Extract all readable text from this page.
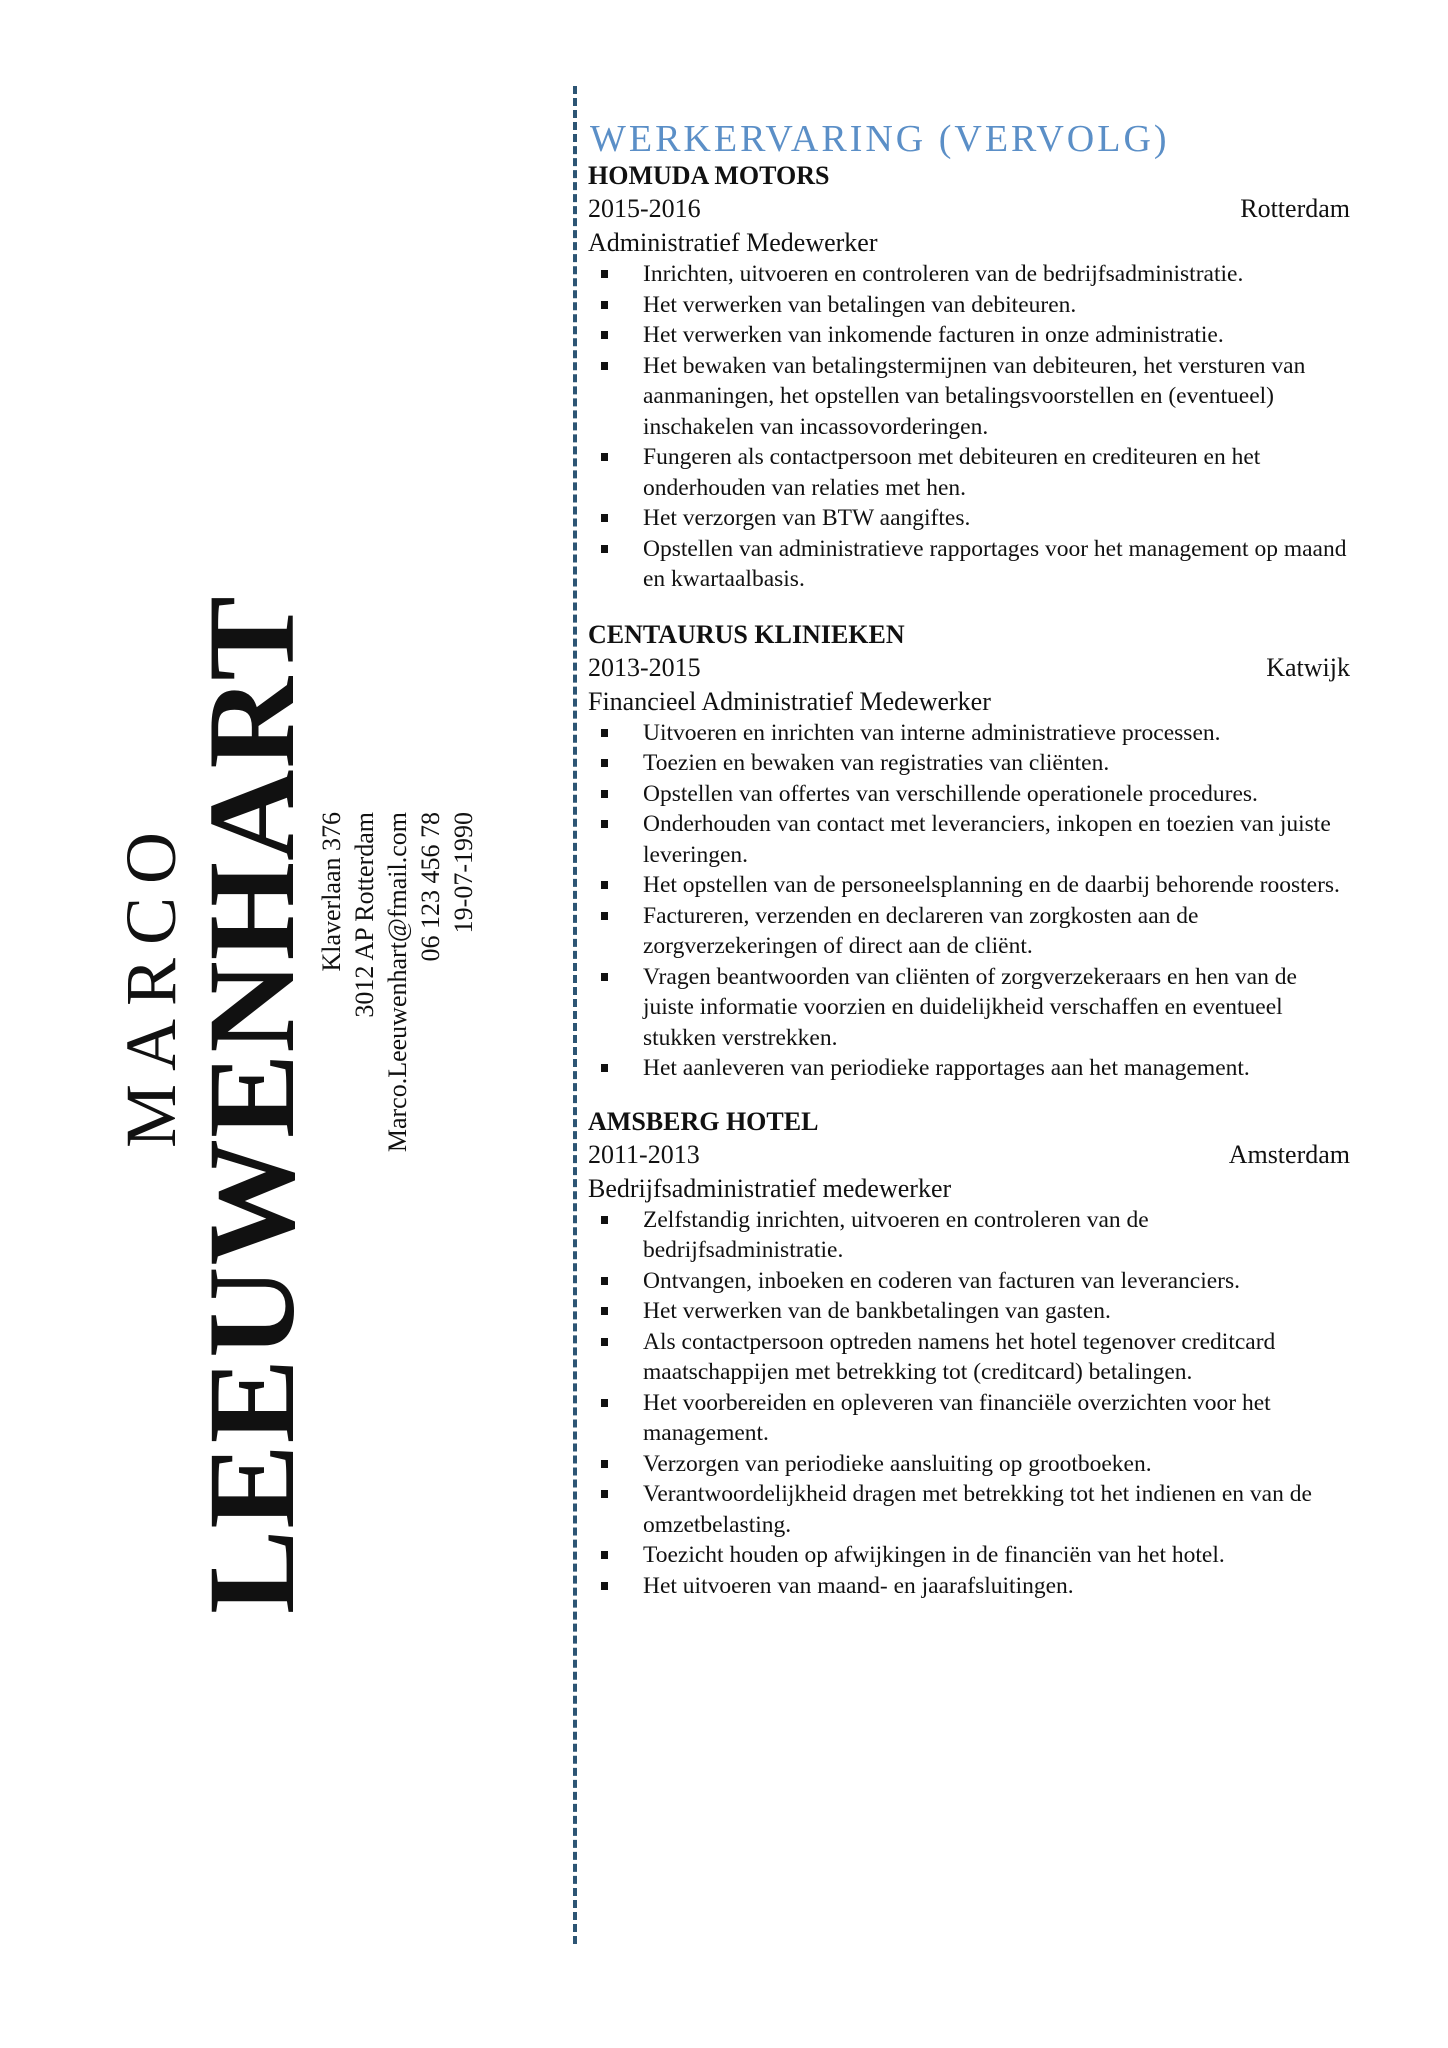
MARCO
LEEUWENHART
Klaverlaan 376 3012 AP Rotterdam Marco.Leeuwenhart@fmail.com 06 123 456 78 19-07-1990
WERKERVARING (VERVOLG)
HOMUDA MOTORS
2015-2016	Rotterdam
Administratief Medewerker
Inrichten, uitvoeren en controleren van de bedrijfsadministratie.
Het verwerken van betalingen van debiteuren.
Het verwerken van inkomende facturen in onze administratie.
Het bewaken van betalingstermijnen van debiteuren, het versturen van aanmaningen, het opstellen van betalingsvoorstellen en (eventueel) inschakelen van incassovorderingen.
Fungeren als contactpersoon met debiteuren en crediteuren en het onderhouden van relaties met hen.
Het verzorgen van BTW aangiftes.
Opstellen van administratieve rapportages voor het management op maand en kwartaalbasis.
CENTAURUS KLINIEKEN
2013-2015	Katwijk
Financieel Administratief Medewerker
Uitvoeren en inrichten van interne administratieve processen.
Toezien en bewaken van registraties van cliënten.
Opstellen van offertes van verschillende operationele procedures.
Onderhouden van contact met leveranciers, inkopen en toezien van juiste leveringen.
Het opstellen van de personeelsplanning en de daarbij behorende roosters.
Factureren, verzenden en declareren van zorgkosten aan de zorgverzekeringen of direct aan de cliënt.
Vragen beantwoorden van cliënten of zorgverzekeraars en hen van de juiste informatie voorzien en duidelijkheid verschaffen en eventueel stukken verstrekken.
Het aanleveren van periodieke rapportages aan het management.
AMSBERG HOTEL
2011-2013	Amsterdam
Bedrijfsadministratief medewerker
Zelfstandig inrichten, uitvoeren en controleren van de bedrijfsadministratie.
Ontvangen, inboeken en coderen van facturen van leveranciers.
Het verwerken van de bankbetalingen van gasten.
Als contactpersoon optreden namens het hotel tegenover creditcard maatschappijen met betrekking tot (creditcard) betalingen.
Het voorbereiden en opleveren van financiële overzichten voor het management.
Verzorgen van periodieke aansluiting op grootboeken.
Verantwoordelijkheid dragen met betrekking tot het indienen en van de omzetbelasting.
Toezicht houden op afwijkingen in de financiën van het hotel.
Het uitvoeren van maand- en jaarafsluitingen.
